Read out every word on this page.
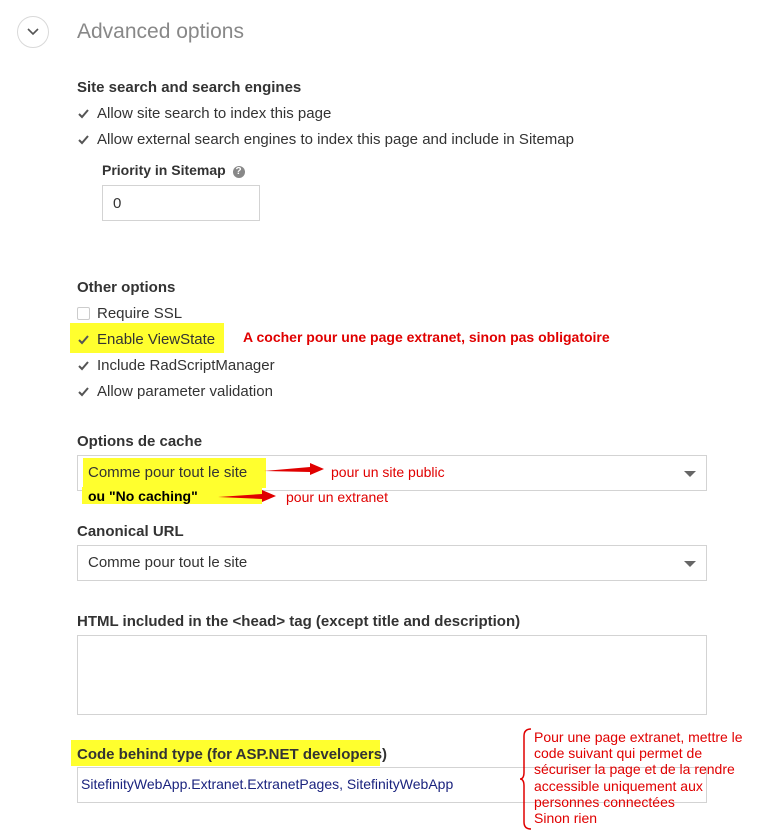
Advanced options
Site search and search engines
Allow site search to index this page
Allow external search engines to index this page and include in Sitemap
Priority in Sitemap ?
0
Other options
Require SSL
Enable ViewState A cocher pour une page extranet, sinon pas obligatoire
Include RadScriptManager
Allow parameter validation
Options de cache
Comme pour tout le site
ou "No caching"
pour un site public
pour un extranet
Canonical URL
Comme pour tout le site
HTML included in the <head> tag (except title and description)
Code behind type (for ASP.NET developers)
SitefinityWebApp.Extranet.ExtranetPages, SitefinityWebApp
Pour une page extranet, mettre le
code suivant qui permet de
sécuriser la page et de la rendre
accessible uniquement aux
personnes connectées
Sinon rien
